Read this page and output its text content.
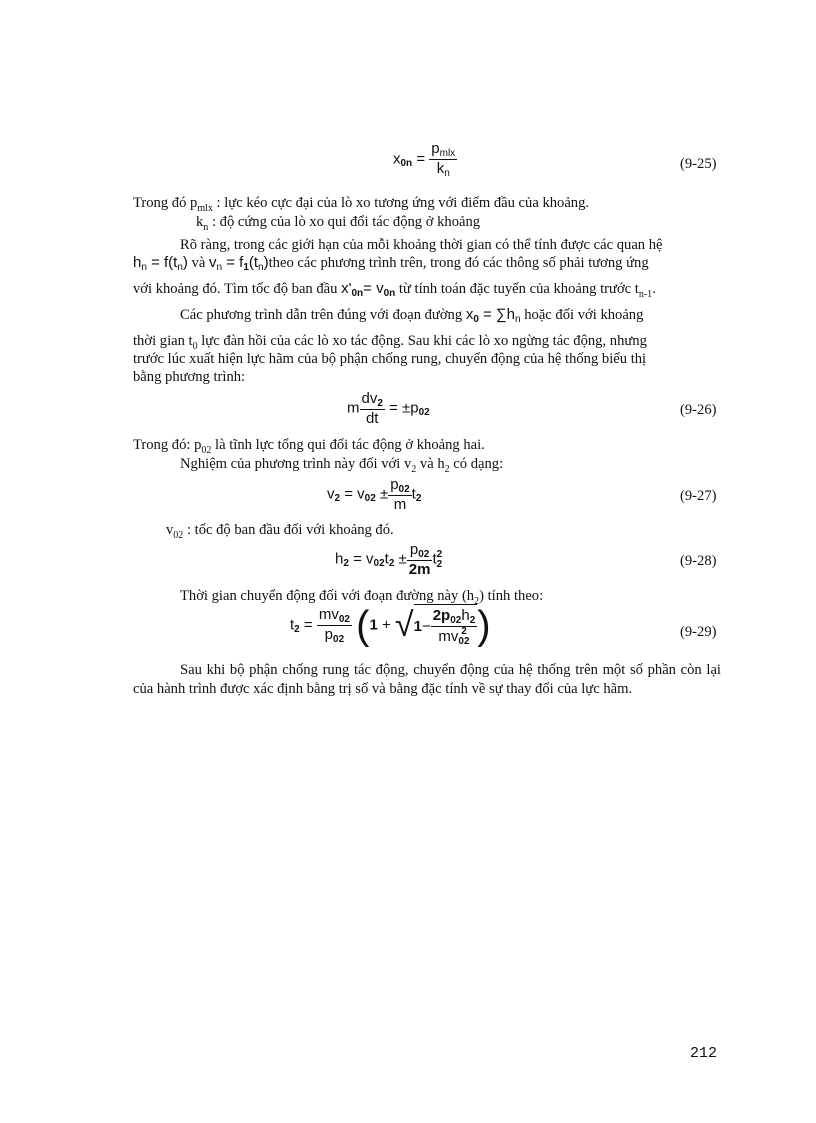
$x_{0n} = \frac{p_{mlx}}{k_n}$	(9-25)
Trong đó $p_{mlx}$ : lực kéo cực đại của lò xo tương ứng với điểm đầu của khoảng.
$k_n$ : độ cứng của lò xo qui đổi tác động ở khoảng
Rõ ràng, trong các giới hạn của mỗi khoảng thời gian có thể tính được các quan hệ
$h_n = f(t_n)$ và $v_n$ = $f_1(t_n)theo$ các phương trình trên, trong đó các thông số phải tương ứng
với khoảng đó. Tìm tốc độ ban đầu $x'_{0n}= v_{0n}$ từ tính toán đặc tuyến của khoảng trước $t_{n-1}$.
Các phương trình dẫn trên đúng với đoạn đường $x_0 = \sum h_n$ hoặc đối với khoảng
thời gian $t_0$ lực đàn hồi của các lò xo tác động. Sau khi các lò xo ngừng tác động, nhưng
trước lúc xuất hiện lực hãm của bộ phận chống rung, chuyển động của hệ thống biểu thị
bằng phương trình:
m $\frac{dv_2}{dt} = \pm p_{02}$	(9-26)
Trong đó: $p_{02}$ là tĩnh lực tổng qui đổi tác động ở khoảng hai.
Nghiệm của phương trình này đối với $v_2$ và $h_2$ có dạng:
$v_2 = v_{02} \pm \frac{p_{02}}{m} t_2$	(9-27)
$v_{02}$ : tốc độ ban đầu đối với khoảng đó.
$h_2 = v_{02}t_2 \pm \frac{p_{02}}{2m}$ t 2
2	(9-28)
Thời gian chuyển động đối với đoạn đường này $(h_2)$ tính theo:
$t_2 = \frac{mv_{02}}{p_{02}} (1 + √1- 2p_{02}h_2$
mv 2
02 )	(9-29)
Sau khi bộ phận chống rung tác động, chuyển động của hệ thống trên một số phần còn lại của hành trình được xác định bằng trị số và bằng đặc tính về sự thay đổi của lực hãm.
212
